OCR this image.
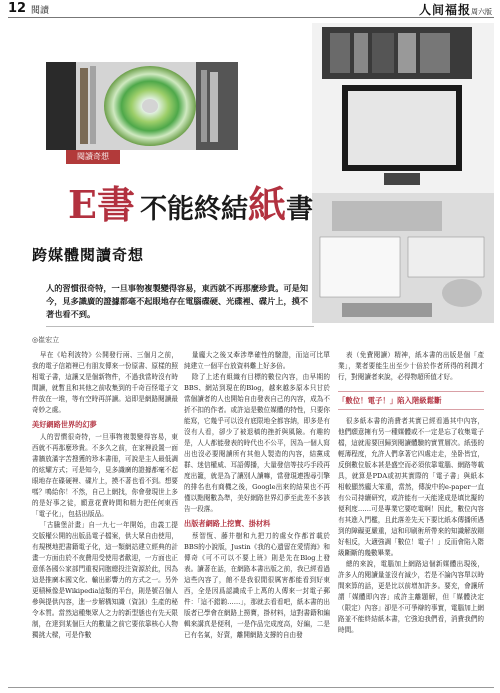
12 閱讀	人间福报周六版
閱讀奇想
E書 不能終結紙書
跨媒體閱讀奇想
人的習慣很奇特，一旦事物複製變得容易，東西就不再那麼珍貴。可是知今，見多識廣的證據都毫不起眼地存在電腦碟硬、光碟裡、碟片上，摸不著也看不到。
◎崔宏立

早在《哈利波特》公開發行兩、三個月之前，我的電子信箱裡已有朋友傳來一份原書、原樣的照相電子書，這讓又是個新物件，不過我當時沒有時間讀，就暫且和其他之前收集到的千奇百怪電子文件放在一堆，等有空時再詳讀。這即是網路閱讀最奇妙之處。

美好網路世界的幻夢

人的習慣很奇特，一旦事物複製變得容易，東西就不再那麼珍貴。不多久之前，在家裡設置一面書牆放滿字苦搜獲的珍本書冊，可說是主人最低調的炫耀方式；可是知今，見多識廣的證據都毫不起眼地存在碟硬裡、碟片上，摸不著也看不到。想要嗎？鳴給你！不然，自己上網找，你會發現世上多的是好事之徒，願意花費時間和精力把任何東西「電子化」，包括出版品。

「古騰堡計畫」自一九七一年開始，由義工提交版權公開的出版品電子檔案，供大眾自由使用，有規模地把書籍電子化，這一類網站建立經典的計畫一方面由於不夜費用受使用者歡迎，一方面也正意係各國公家部門重視同胞總投注資源於此，因為這是推廣本國文化、輸出影響力的方式之一。另外更積極像是Wikipedia這類的平台，則是號召個人參與提供內容，進一步解構知識（資訊）生產的秘令本質。當然這種集眾人之力的新型態也有先天限制，在達到某個巨大的數量之前它要依靠核心人物獨挑大樑，可是作數

量龐大之後又牽涉準確性的驗證，而這可比單純建立一個平台放資料難上好多倍。

除了上述有組織有目標的數位內容，由早期的BBS、網站到現在的Blog，越來越多原本只甘於當個讀者的人也開始自由發表自己的內容，成為不折不扣的作者。或許這是數位媒體的特性，只要你能寫，它幾乎可以沒有底限地全都容納，即多是有沒有人看，卻少了被退稿的挫折與風險。有趣的是，人人都能發表的時代也不公平，因為一個人寫出也沒必要閱讀所有其他人製造的內容，結黨成群、迷信權威、耳語傳播，大量發信等技巧手段再度出籠，就是為了讓別人讀嘛，當發現連搜尋引擎的排名也有商機之後，Google出來的結果也不再僅以點閱數為準，美好網路世界幻夢至此差不多該告一段落。

出版者網路上挖寶、掛材料

蔡智恆、藤井樹和九把刀的處女作都首載於BBS的小說版，Justin《我的心遺留在愛情海》和傳奇《可不可以不要上班》則是先在Blog上發表。讀著在話，在網路本書出版之前，我已經看過這些內容了，館不是我很閒很厲害都能看到好東西，全是因爲認識成千上萬的人傳來一封電子郵件：「這不錯喲……」，那就去看看吧，紙本書的出版者已學會在網路上撈寶，掛材料，這對書籍和編輯來講真是便利，一是作品完成度高，好編，二是已有名氣，好賣，離開網路支撐的自由發

表（免費閱讀）精神，紙本書的出版是個「產業」，業者要能生出至少十倍於作者所得的利潤才行，對閱讀者來說，必得物超所值才好。

「數位！電子！」陷入階級鬆斷

很多紙本書的消費者其實已經看過其中內容，他們願意擁有另一種媒體或不一定是忘了收集電子檔，這就需要回歸到閱讀體驗的實質層次。紙張的輕薄程度，允許人們拿著它四處走走，坐卧皆宜，反倒數位版本甚是盛空而必須依靠電腦、網路等載具，就算是PDA或初其實際的「電子書」與紙本相較顯然龐大笨重，當然，傳說中的e-paper一直有公司持續研究，或許能有一天能達成是填比擬的便利度……可是專業它要吃電啊！因此，數位內容有其進入門檻，且此落差先天下要比紙本傳播所遇到的障礙更嚴重，這和印刷術所帶來的知識解放剛好相反，大適強調「數位！電子！」反而會陷入階級斷斷的幾數畢業。

總的來說，電腦加上網路這個新媒體出現後，許多人的閱讀量並沒有減少，若是不論內容單以時間來算的話，更是比以前增加許多。要充，會讓所謂「媒體即內容」成許主離題解，但「媒體決定（限定）內容」卻是不可爭辯的事實，電腦加上網路並不能終結紙本書，它強迫我們看，消費我們的時間。
